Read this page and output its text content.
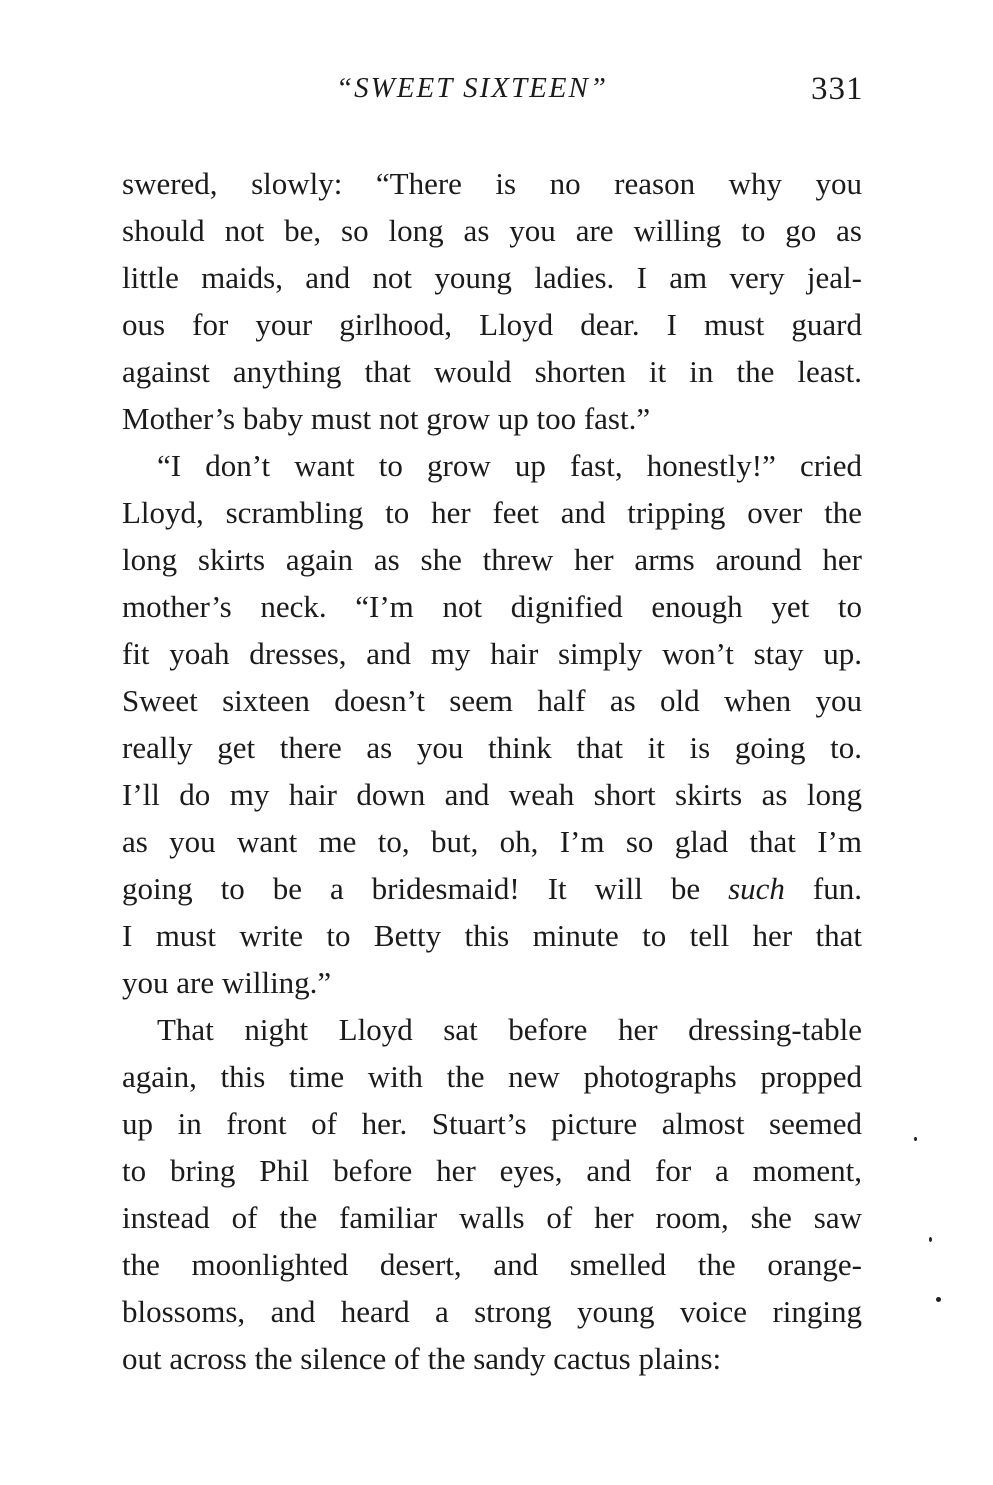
“SWEET SIXTEEN”	331
swered, slowly: “There is no reason why you
should not be, so long as you are willing to go as
little maids, and not young ladies. I am very jeal-
ous for your girlhood, Lloyd dear. I must guard
against anything that would shorten it in the least.
Mother’s baby must not grow up too fast.”
“I don’t want to grow up fast, honestly!” cried
Lloyd, scrambling to her feet and tripping over the
long skirts again as she threw her arms around her
mother’s neck. “I’m not dignified enough yet to
fit yoah dresses, and my hair simply won’t stay up.
Sweet sixteen doesn’t seem half as old when you
really get there as you think that it is going to.
I’ll do my hair down and weah short skirts as long
as you want me to, but, oh, I’m so glad that I’m
going to be a bridesmaid! It will be such fun.
I must write to Betty this minute to tell her that
you are willing.”
That night Lloyd sat before her dressing-table
again, this time with the new photographs propped
up in front of her. Stuart’s picture almost seemed
to bring Phil before her eyes, and for a moment,
instead of the familiar walls of her room, she saw
the moonlighted desert, and smelled the orange-
blossoms, and heard a strong young voice ringing
out across the silence of the sandy cactus plains:
